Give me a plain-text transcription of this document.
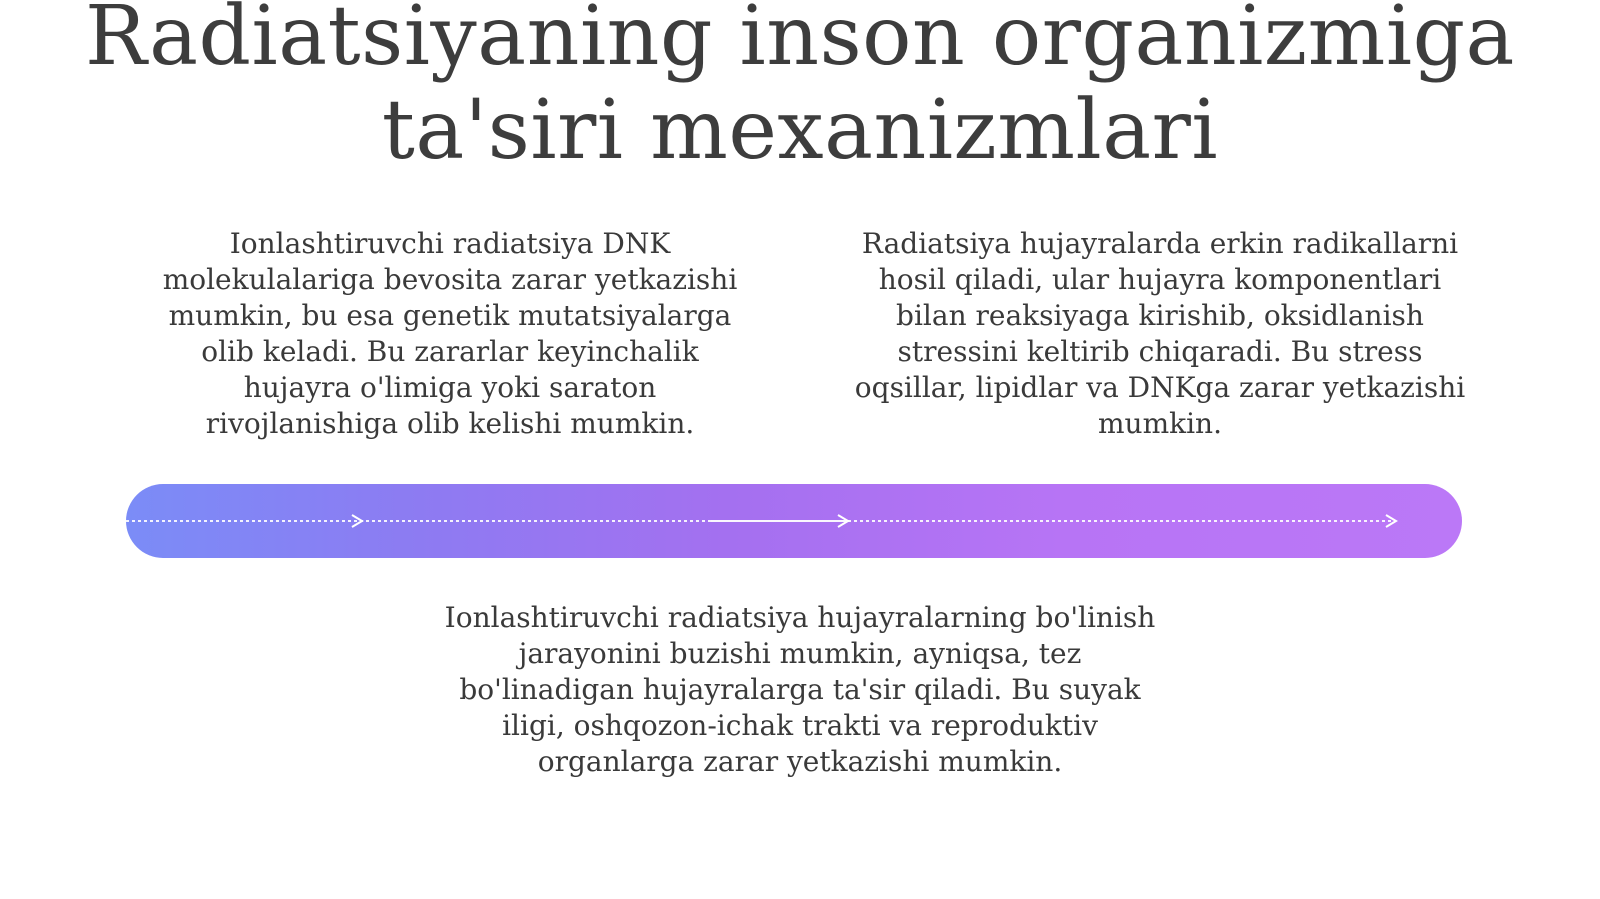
Radiatsiyaning inson organizmiga ta'siri mexanizmlari

Ionlashtiruvchi radiatsiya DNK molekulalariga bevosita zarar yetkazishi mumkin, bu esa genetik mutatsiyalarga olib keladi. Bu zararlar keyinchalik hujayra o'limiga yoki saraton rivojlanishiga olib kelishi mumkin.

Radiatsiya hujayralarda erkin radikallarni hosil qiladi, ular hujayra komponentlari bilan reaksiyaga kirishib, oksidlanish stressini keltirib chiqaradi. Bu stress oqsillar, lipidlar va DNKga zarar yetkazishi mumkin.

Ionlashtiruvchi radiatsiya hujayralarning bo'linish jarayonini buzishi mumkin, ayniqsa, tez bo'linadigan hujayralarga ta'sir qiladi. Bu suyak iligi, oshqozon-ichak trakti va reproduktiv organlarga zarar yetkazishi mumkin.
